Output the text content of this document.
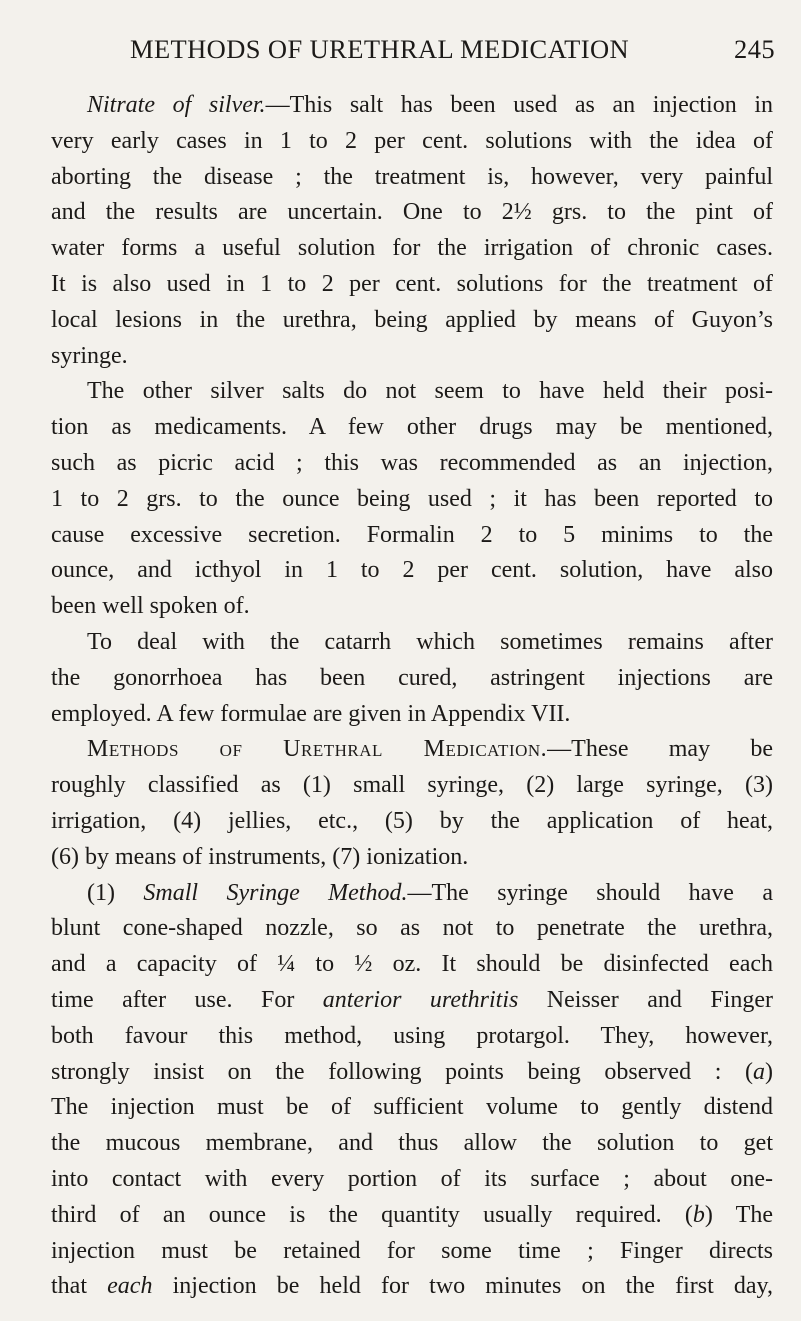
METHODS OF URETHRAL MEDICATION	245
Nitrate of silver.—This salt has been used as an injection in
very early cases in 1 to 2 per cent. solutions with the idea of
aborting the disease ; the treatment is, however, very painful
and the results are uncertain. One to 2½ grs. to the pint of
water forms a useful solution for the irrigation of chronic cases.
It is also used in 1 to 2 per cent. solutions for the treatment of
local lesions in the urethra, being applied by means of Guyon’s
syringe.
The other silver salts do not seem to have held their posi-
tion as medicaments. A few other drugs may be mentioned,
such as picric acid ; this was recommended as an injection,
1 to 2 grs. to the ounce being used ; it has been reported to
cause excessive secretion. Formalin 2 to 5 minims to the
ounce, and icthyol in 1 to 2 per cent. solution, have also
been well spoken of.
To deal with the catarrh which sometimes remains after
the gonorrhoea has been cured, astringent injections are
employed. A few formulae are given in Appendix VII.
Methods of Urethral Medication.—These may be
roughly classified as (1) small syringe, (2) large syringe, (3)
irrigation, (4) jellies, etc., (5) by the application of heat,
(6) by means of instruments, (7) ionization.
(1) Small Syringe Method.—The syringe should have a
blunt cone-shaped nozzle, so as not to penetrate the urethra,
and a capacity of ¼ to ½ oz. It should be disinfected each
time after use. For anterior urethritis Neisser and Finger
both favour this method, using protargol. They, however,
strongly insist on the following points being observed : (a)
The injection must be of sufficient volume to gently distend
the mucous membrane, and thus allow the solution to get
into contact with every portion of its surface ; about one-
third of an ounce is the quantity usually required. (b) The
injection must be retained for some time ; Finger directs
that each injection be held for two minutes on the first day,
